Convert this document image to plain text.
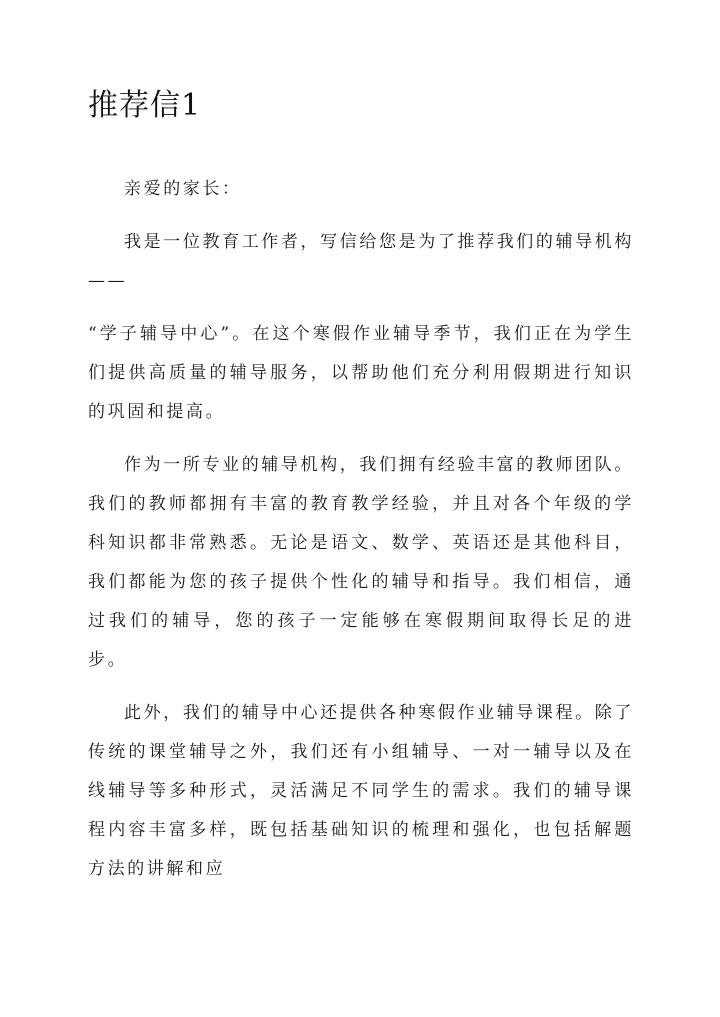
推荐信1

亲爱的家长：

我是一位教育工作者，写信给您是为了推荐我们的辅导机构——

“学子辅导中心”。在这个寒假作业辅导季节，我们正在为学生们提供高质量的辅导服务，以帮助他们充分利用假期进行知识的巩固和提高。

作为一所专业的辅导机构，我们拥有经验丰富的教师团队。我们的教师都拥有丰富的教育教学经验，并且对各个年级的学科知识都非常熟悉。无论是语文、数学、英语还是其他科目，我们都能为您的孩子提供个性化的辅导和指导。我们相信，通过我们的辅导，您的孩子一定能够在寒假期间取得长足的进步。

此外，我们的辅导中心还提供各种寒假作业辅导课程。除了传统的课堂辅导之外，我们还有小组辅导、一对一辅导以及在线辅导等多种形式，灵活满足不同学生的需求。我们的辅导课程内容丰富多样，既包括基础知识的梳理和强化，也包括解题方法的讲解和应
